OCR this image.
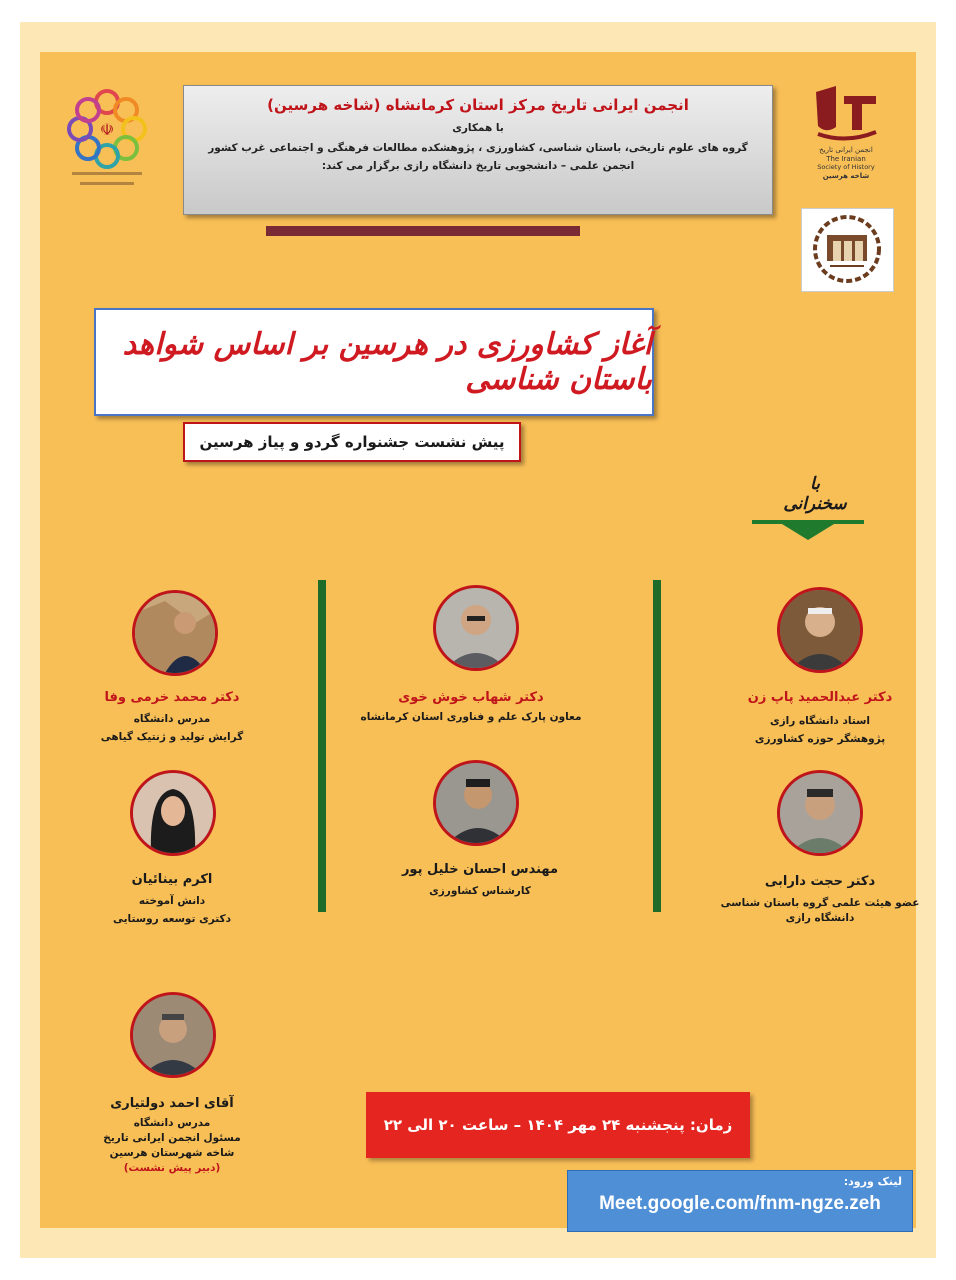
☫
انجمن ایرانی تاریخ
The Iranian
Society of History
شاخه هرسین
انجمن ایرانی تاریخ مرکز استان کرمانشاه (شاخه هرسین)
با همکاری
گروه های علوم تاریخی، باستان شناسی، کشاورزی ، پژوهشکده مطالعات فرهنگی و اجتماعی غرب کشور
انجمن علمی – دانشجویی تاریخ دانشگاه رازی برگزار می کند:
آغاز کشاورزی در هرسین بر اساس شواهد باستان شناسی
پیش نشست جشنواره گردو و پیاز هرسین
با سخنرانی
دکتر عبدالحمید پاپ زن
استاد دانشگاه رازی
پژوهشگر حوزه کشاورزی
دکتر حجت دارابی
عضو هیئت علمی گروه باستان شناسی
دانشگاه رازی
دکتر شهاب خوش خوی
معاون پارک علم و فناوری استان کرمانشاه
مهندس احسان خلیل پور
کارشناس کشاورزی
دکتر محمد خرمی وفا
مدرس دانشگاه
گرایش تولید و ژنتیک گیاهی
اکرم بینائیان
دانش آموخته
دکتری توسعه روستایی
آقای احمد دولتیاری
مدرس دانشگاه
مسئول انجمن ایرانی تاریخ
شاخه شهرستان هرسین
(دبیر پیش نشست)
زمان: پنجشنبه ۲۴ مهر ۱۴۰۴ – ساعت ۲۰ الی ۲۲
لینک ورود:
Meet.google.com/fnm-ngze.zeh
